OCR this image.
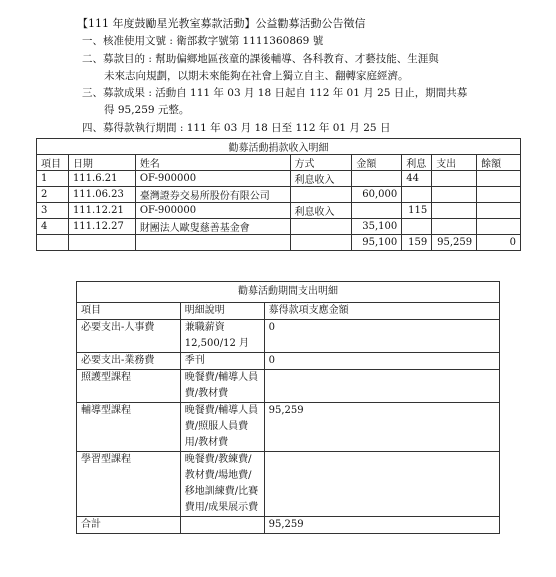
【111 年度鼓勵星光教室募款活動】公益勸募活動公告徵信
一、核准使用文號 : 衛部救字號第 1111360869 號
二、募款目的 : 幫助偏鄉地區孩童的課後輔導、各科教育、才藝技能、生涯與
未來志向規劃，以期未來能夠在社會上獨立自主、翻轉家庭經濟。
三、募款成果 : 活動自 111 年 03 月 18 日起自 112 年 01 月 25 日止，期間共募
得 95,259 元整。
四、募得款執行期間 : 111 年 03 月 18 日至 112 年 01 月 25 日
勸募活動捐款收入明細							
項目	日期	姓名	方式	金額	利息	支出	餘額
1	111.6.21	OF-900000	利息收入		44		
2	111.06.23	臺灣證券交易所股份有限公司		60,000			
3	111.12.21	OF-900000	利息收入		115		
4	111.12.27	財團法人歐叟慈善基金會		35,100			
				95,100	159	95,259	0
勸募活動期間支出明細		
項目	明細說明	募得款項支應金額
必要支出-人事費	兼職薪資 12,500/12 月	0
必要支出-業務費	季刊	0
照護型課程	晚餐費/輔導人員費/教材費	
輔導型課程	晚餐費/輔導人員費/照服人員費用/教材費	95,259
學習型課程	晚餐費/教練費/教材費/場地費/移地訓練費/比賽費用/成果展示費	
合計		95,259
